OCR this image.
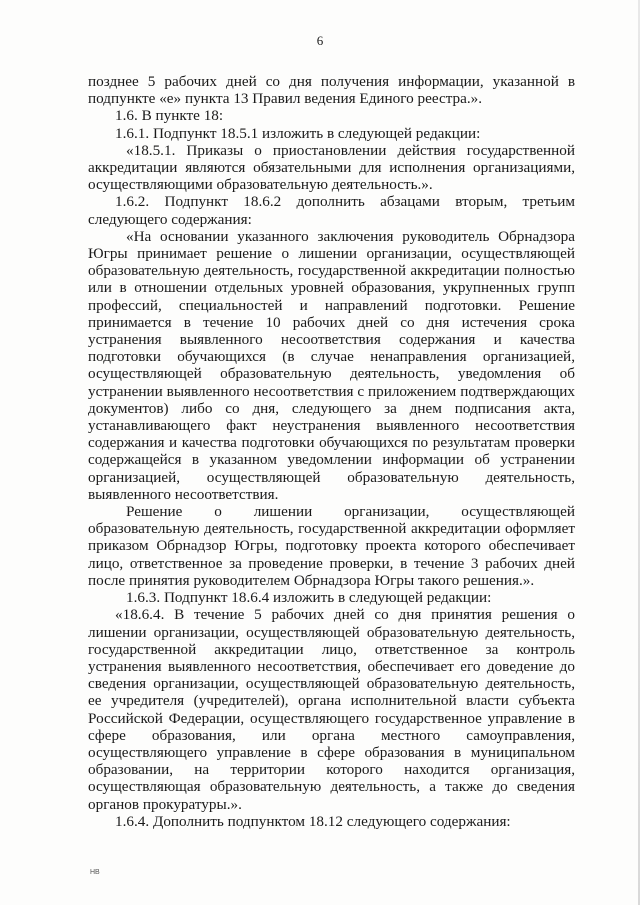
6

позднее 5 рабочих дней со дня получения информации, указанной в подпункте «е» пункта 13 Правил ведения Единого реестра.».

1.6. В пункте 18:

1.6.1. Подпункт 18.5.1 изложить в следующей редакции:

«18.5.1. Приказы о приостановлении действия государственной аккредитации являются обязательными для исполнения организациями, осуществляющими образовательную деятельность.».

1.6.2. Подпункт 18.6.2 дополнить абзацами вторым, третьим следующего содержания:

«На основании указанного заключения руководитель Обрнадзора Югры принимает решение о лишении организации, осуществляющей образовательную деятельность, государственной аккредитации полностью или в отношении отдельных уровней образования, укрупненных групп профессий, специальностей и направлений подготовки. Решение принимается в течение 10 рабочих дней со дня истечения срока устранения выявленного несоответствия содержания и качества подготовки обучающихся (в случае ненаправления организацией, осуществляющей образовательную деятельность, уведомления об устранении выявленного несоответствия с приложением подтверждающих документов) либо со дня, следующего за днем подписания акта, устанавливающего факт неустранения выявленного несоответствия содержания и качества подготовки обучающихся по результатам проверки содержащейся в указанном уведомлении информации об устранении организацией, осуществляющей образовательную деятельность, выявленного несоответствия.

Решение о лишении организации, осуществляющей образовательную деятельность, государственной аккредитации оформляет приказом Обрнадзор Югры, подготовку проекта которого обеспечивает лицо, ответственное за проведение проверки, в течение 3 рабочих дней после принятия руководителем Обрнадзора Югры такого решения.».

1.6.3. Подпункт 18.6.4 изложить в следующей редакции:

«18.6.4. В течение 5 рабочих дней со дня принятия решения о лишении организации, осуществляющей образовательную деятельность, государственной аккредитации лицо, ответственное за контроль устранения выявленного несоответствия, обеспечивает его доведение до сведения организации, осуществляющей образовательную деятельность, ее учредителя (учредителей), органа исполнительной власти субъекта Российской Федерации, осуществляющего государственное управление в сфере образования, или органа местного самоуправления, осуществляющего управление в сфере образования в муниципальном образовании, на территории которого находится организация, осуществляющая образовательную деятельность, а также до сведения органов прокуратуры.».

1.6.4. Дополнить подпунктом 18.12 следующего содержания:

НВ
